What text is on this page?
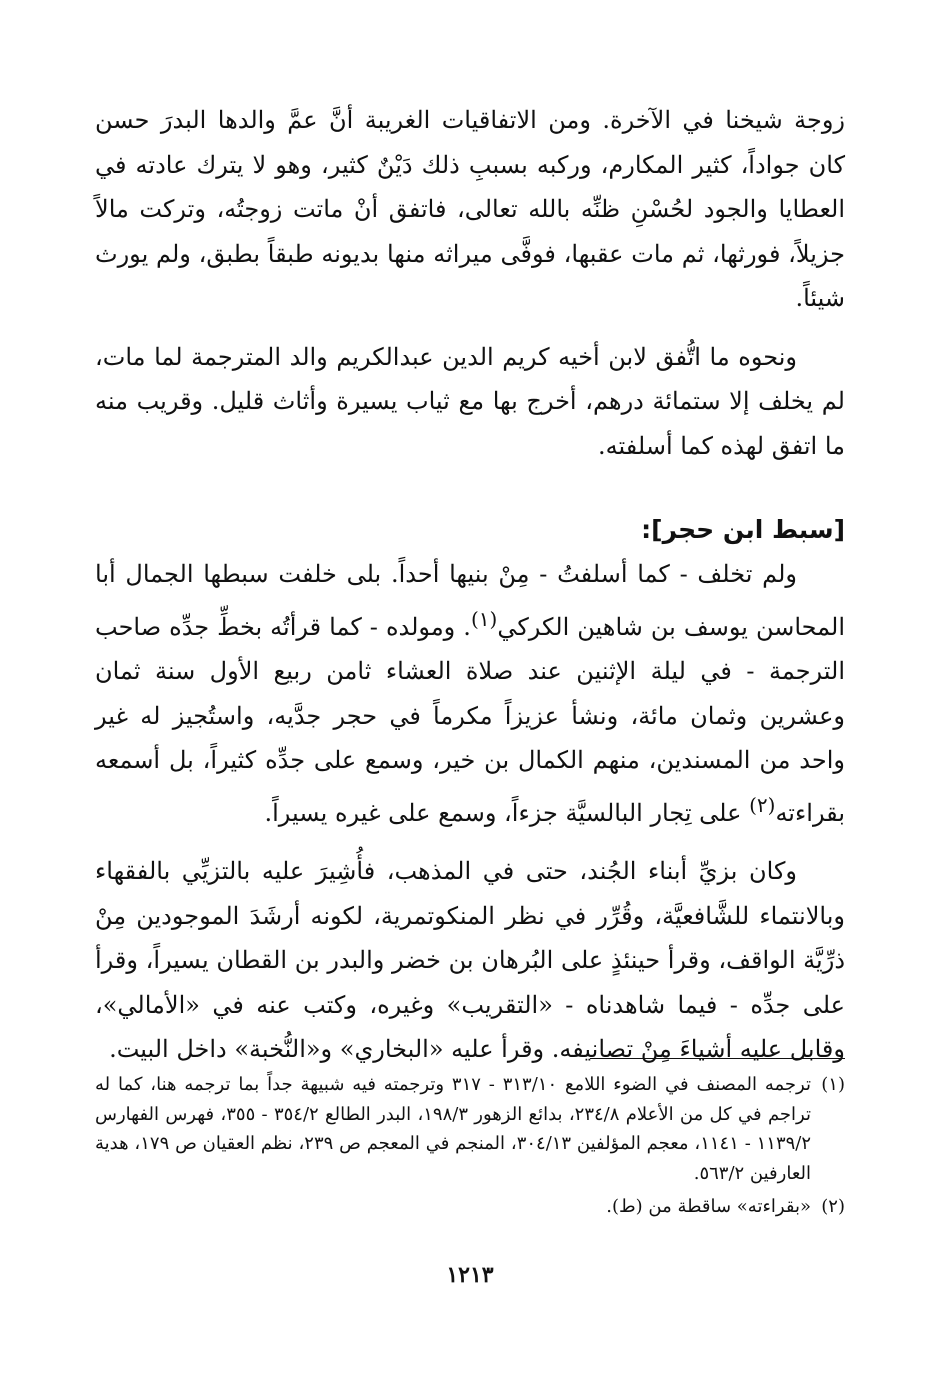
زوجة شيخنا في الآخرة. ومن الاتفاقيات الغريبة أنَّ عمَّ والدها البدرَ حسن كان جواداً، كثير المكارم، وركبه بسببِ ذلك دَيْنٌ كثير، وهو لا يترك عادته في العطايا والجود لحُسْنِ ظنِّه بالله تعالى، فاتفق أنْ ماتت زوجتُه، وتركت مالاً جزيلاً، فورثها، ثم مات عقبها، فوفَّى ميراثه منها بديونه طبقاً بطبق، ولم يورث شيئاً.

ونحوه ما اتُّفق لابن أخيه كريم الدين عبدالكريم والد المترجمة لما مات، لم يخلف إلا ستمائة درهم، أخرج بها مع ثياب يسيرة وأثاث قليل. وقريب منه ما اتفق لهذه كما أسلفته.

[سبط ابن حجر]:

ولم تخلف - كما أسلفتُ - مِنْ بنيها أحداً. بلى خلفت سبطها الجمال أبا المحاسن يوسف بن شاهين الكركي$^{(١)}$. ومولده - كما قرأتُه بخطِّ جدِّه صاحب الترجمة - في ليلة الإثنين عند صلاة العشاء ثامن ربيع الأول سنة ثمان وعشرين وثمان مائة، ونشأ عزيزاً مكرماً في حجر جدَّيه، واستُجيز له غير واحد من المسندين، منهم الكمال بن خير، وسمع على جدِّه كثيراً، بل أسمعه بقراءته$^{(٢)}$ على تِجار البالسيَّة جزءاً، وسمع على غيره يسيراً.

وكان بزيِّ أبناء الجُند، حتى في المذهب، فأُشِيرَ عليه بالتزيِّي بالفقهاء وبالانتماء للشَّافعيَّة، وقُرِّر في نظر المنكوتمرية، لكونه أرشَدَ الموجودين مِنْ ذرِّيَّة الواقف، وقرأ حينئذٍ على البُرهان بن خضر والبدر بن القطان يسيراً، وقرأ على جدِّه - فيما شاهدناه - «التقريب» وغيره، وكتب عنه في «الأمالي»، وقابل عليه أشياءَ مِنْ تصانيفه. وقرأ عليه «البخاري» و«النُّخبة» داخل البيت.

(١)
ترجمه المصنف في الضوء اللامع ٣١٣/١٠ - ٣١٧ وترجمته فيه شبيهة جداً بما ترجمه هنا، كما له تراجم في كل من الأعلام ٢٣٤/٨، بدائع الزهور ١٩٨/٣، البدر الطالع ٣٥٤/٢ - ٣٥٥، فهرس الفهارس ١١٣٩/٢ - ١١٤١، معجم المؤلفين ٣٠٤/١٣، المنجم في المعجم ص ٢٣٩، نظم العقيان ص ١٧٩، هدية العارفين ٥٦٣/٢.
(٢)
«بقراءته» ساقطة من (ط).
١٢١٣
